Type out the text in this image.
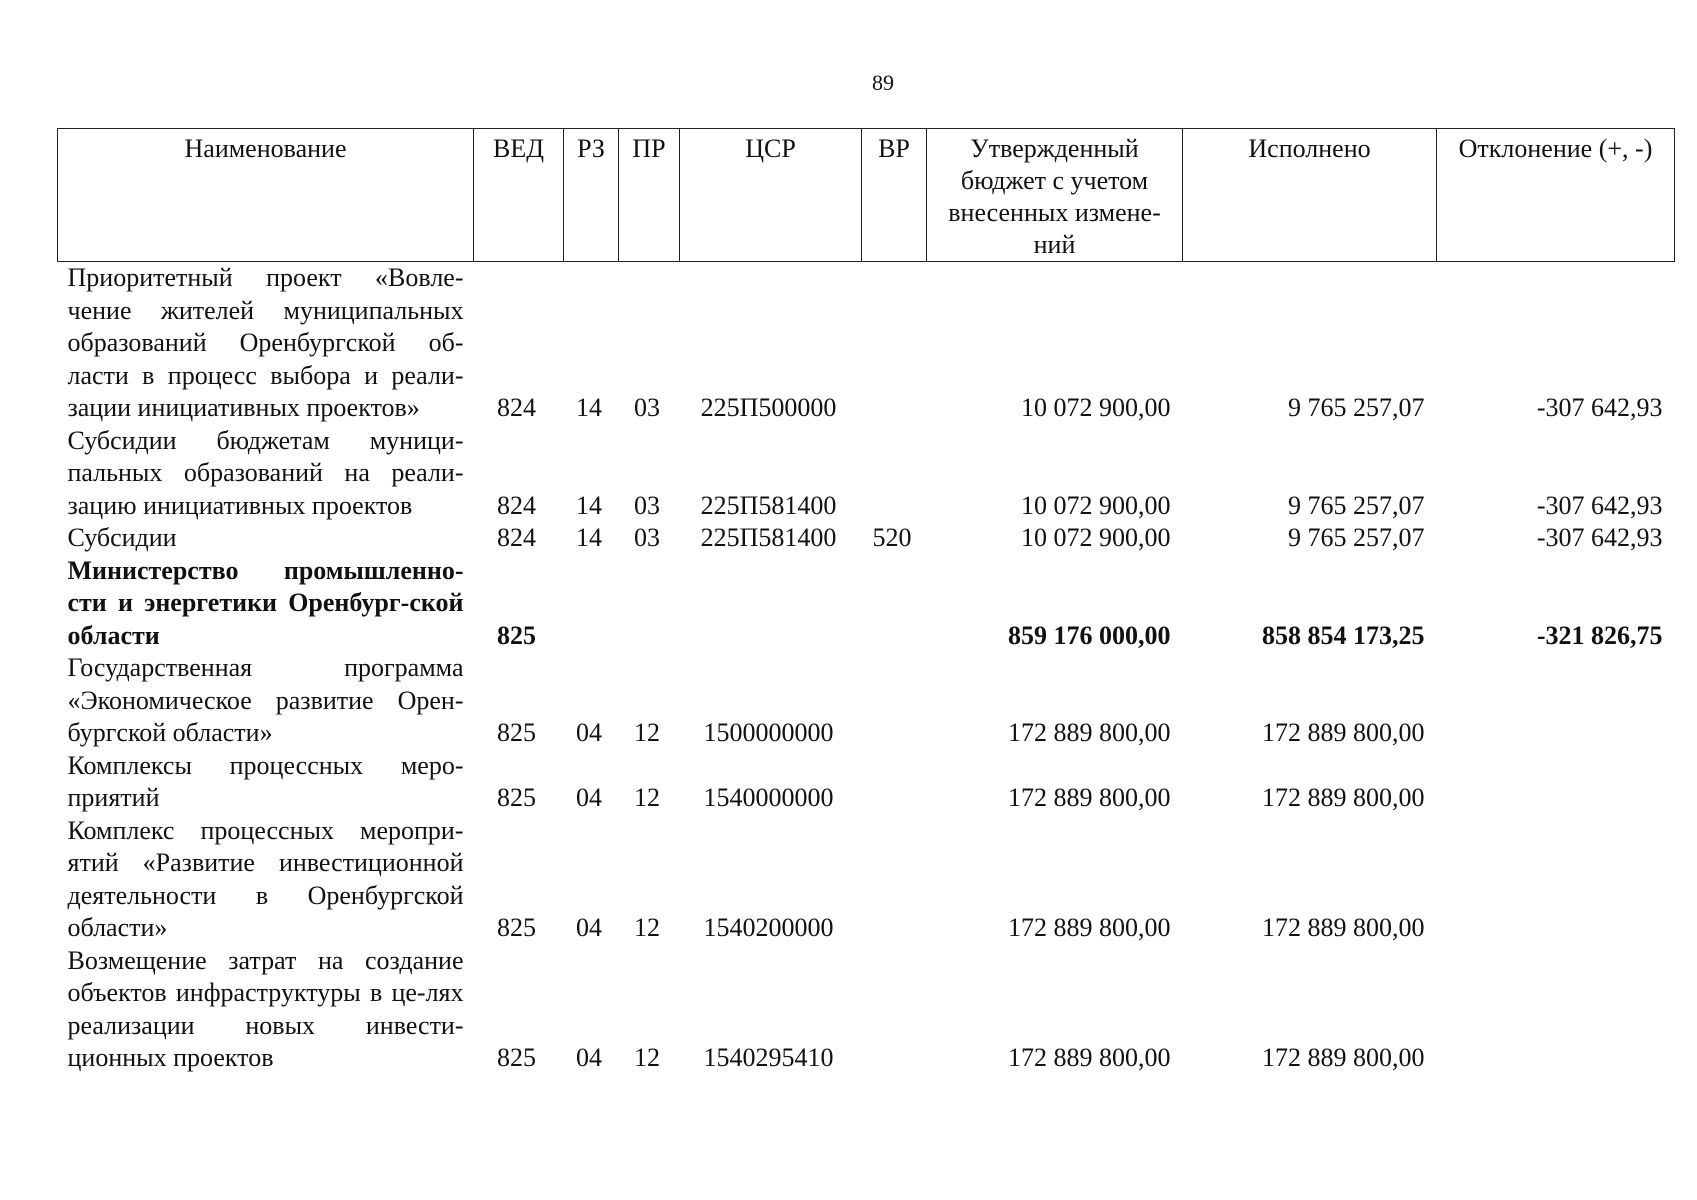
89
Наименование	ВЕД	РЗ	ПР	ЦСР	ВР	Утвержденный бюджет с учетом внесенных измене-ний	Исполнено	Отклонение (+, -)
Приоритетный проект «Вовле-чение жителей муниципальных образований Оренбургской об-ласти в процесс выбора и реали-зации инициативных проектов»	824	14	03	225П500000		10 072 900,00	9 765 257,07	-307 642,93
Субсидии бюджетам муници-пальных образований на реали-зацию инициативных проектов	824	14	03	225П581400		10 072 900,00	9 765 257,07	-307 642,93
Субсидии	824	14	03	225П581400	520	10 072 900,00	9 765 257,07	-307 642,93
Министерство промышленно-сти и энергетики Оренбург-ской области	825					859 176 000,00	858 854 173,25	-321 826,75
Государственная программа «Экономическое развитие Орен-бургской области»	825	04	12	1500000000		172 889 800,00	172 889 800,00	
Комплексы процессных меро-приятий	825	04	12	1540000000		172 889 800,00	172 889 800,00	
Комплекс процессных меропри-ятий «Развитие инвестиционной деятельности в Оренбургской области»	825	04	12	1540200000		172 889 800,00	172 889 800,00	
Возмещение затрат на создание объектов инфраструктуры в це-лях реализации новых инвести-ционных проектов	825	04	12	1540295410		172 889 800,00	172 889 800,00	
